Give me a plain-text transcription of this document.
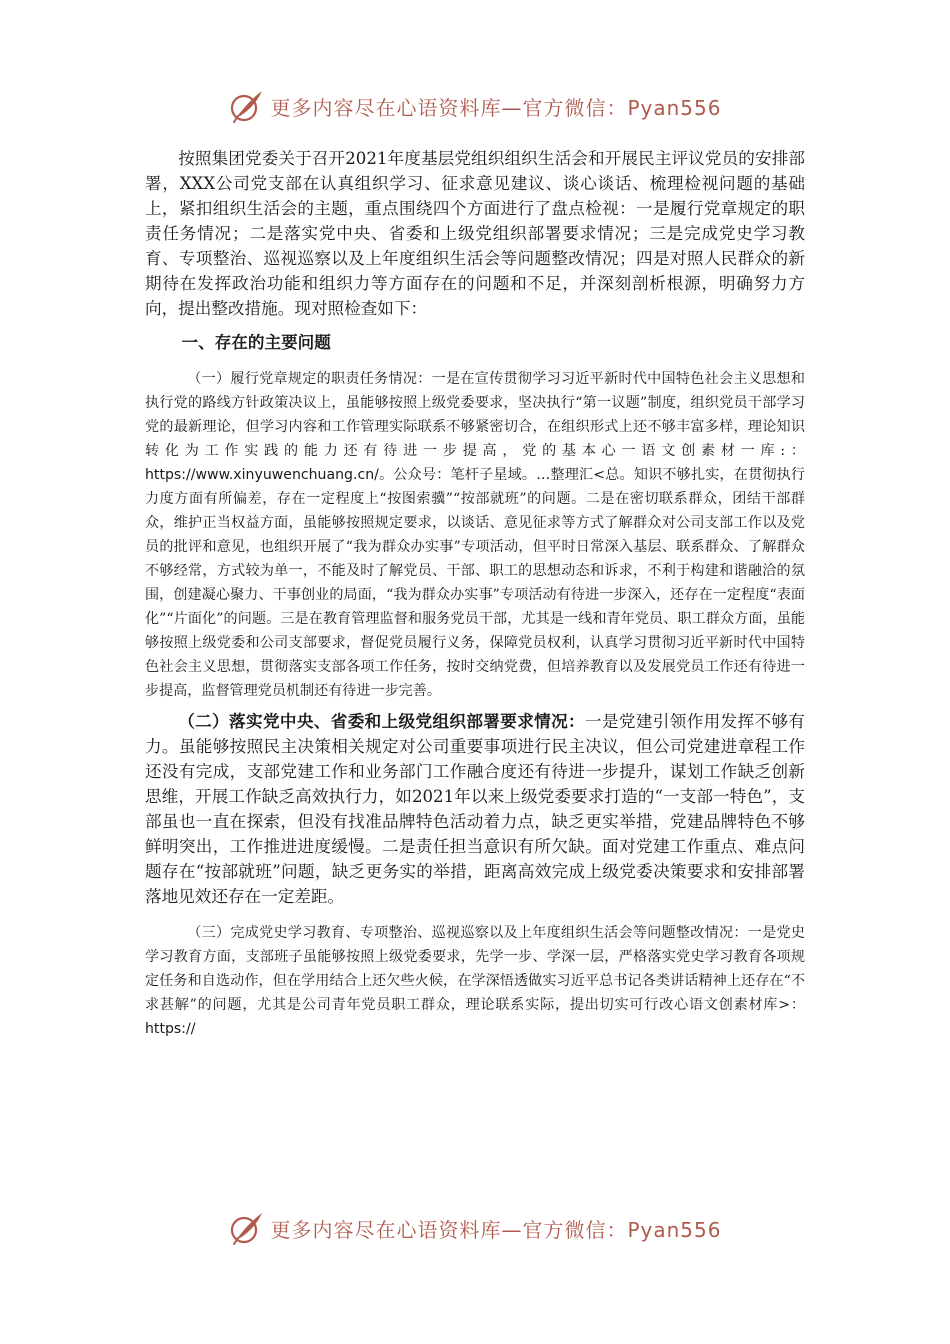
更多内容尽在心语资料库—官方微信：Pyan556

按照集团党委关于召开2021年度基层党组织组织生活会和开展民主评议党员的安排部署，XXX公司党支部在认真组织学习、征求意见建议、谈心谈话、梳理检视问题的基础上，紧扣组织生活会的主题，重点围绕四个方面进行了盘点检视：一是履行党章规定的职责任务情况；二是落实党中央、省委和上级党组织部署要求情况；三是完成党史学习教育、专项整治、巡视巡察以及上年度组织生活会等问题整改情况；四是对照人民群众的新期待在发挥政治功能和组织力等方面存在的问题和不足，并深刻剖析根源，明确努力方向，提出整改措施。现对照检查如下：

一、存在的主要问题

（一）履行党章规定的职责任务情况：一是在宣传贯彻学习习近平新时代中国特色社会主义思想和执行党的路线方针政策决议上，虽能够按照上级党委要求，坚决执行“第一议题”制度，组织党员干部学习党的最新理论，但学习内容和工作管理实际联系不够紧密切合，在组织形式上还不够丰富多样，理论知识转化为工作实践的能力还有待进一步提高，党的基本心一语文创素材一库:：https://www.xinyuwenchuang.cn/。公众号：笔杆子星域。…整理汇<总。知识不够扎实，在贯彻执行力度方面有所偏差，存在一定程度上“按图索骥”“按部就班”的问题。二是在密切联系群众，团结干部群众，维护正当权益方面，虽能够按照规定要求，以谈话、意见征求等方式了解群众对公司支部工作以及党员的批评和意见，也组织开展了“我为群众办实事”专项活动，但平时日常深入基层、联系群众、了解群众不够经常，方式较为单一，不能及时了解党员、干部、职工的思想动态和诉求，不利于构建和谐融洽的氛围，创建凝心聚力、干事创业的局面，“我为群众办实事”专项活动有待进一步深入，还存在一定程度“表面化”“片面化”的问题。三是在教育管理监督和服务党员干部，尤其是一线和青年党员、职工群众方面，虽能够按照上级党委和公司支部要求，督促党员履行义务，保障党员权利，认真学习贯彻习近平新时代中国特色社会主义思想，贯彻落实支部各项工作任务，按时交纳党费，但培养教育以及发展党员工作还有待进一步提高，监督管理党员机制还有待进一步完善。

（二）落实党中央、省委和上级党组织部署要求情况：一是党建引领作用发挥不够有力。虽能够按照民主决策相关规定对公司重要事项进行民主决议，但公司党建进章程工作还没有完成，支部党建工作和业务部门工作融合度还有待进一步提升，谋划工作缺乏创新思维，开展工作缺乏高效执行力，如2021年以来上级党委要求打造的“一支部一特色”，支部虽也一直在探索，但没有找准品牌特色活动着力点，缺乏更实举措，党建品牌特色不够鲜明突出，工作推进进度缓慢。二是责任担当意识有所欠缺。面对党建工作重点、难点问题存在“按部就班”问题，缺乏更务实的举措，距离高效完成上级党委决策要求和安排部署落地见效还存在一定差距。

（三）完成党史学习教育、专项整治、巡视巡察以及上年度组织生活会等问题整改情况：一是党史学习教育方面，支部班子虽能够按照上级党委要求，先学一步、学深一层，严格落实党史学习教育各项规定任务和自选动作，但在学用结合上还欠些火候，在学深悟透做实习近平总书记各类讲话精神上还存在“不求甚解”的问题，尤其是公司青年党员职工群众，理论联系实际，提出切实可行改心语文创素材库>：https://

更多内容尽在心语资料库—官方微信：Pyan556
